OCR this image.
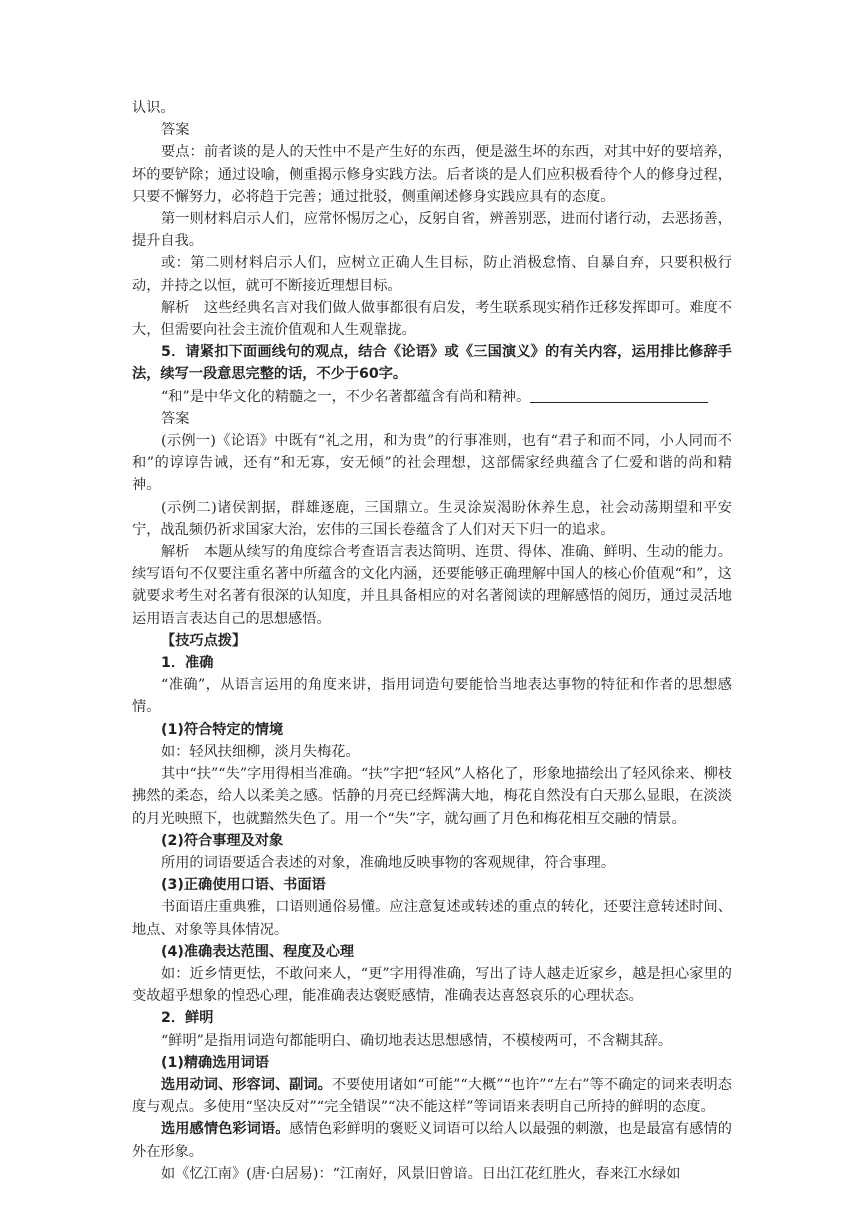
认识。

答案

要点：前者谈的是人的天性中不是产生好的东西，便是滋生坏的东西，对其中好的要培养，坏的要铲除；通过设喻，侧重揭示修身实践方法。后者谈的是人们应积极看待个人的修身过程，只要不懈努力，必将趋于完善；通过批驳，侧重阐述修身实践应具有的态度。

第一则材料启示人们，应常怀惕厉之心，反躬自省，辨善别恶，进而付诸行动，去恶扬善，提升自我。

或：第二则材料启示人们，应树立正确人生目标，防止消极怠惰、自暴自弃，只要积极行动，并持之以恒，就可不断接近理想目标。

解析　这些经典名言对我们做人做事都很有启发，考生联系现实稍作迁移发挥即可。难度不大，但需要向社会主流价值观和人生观靠拢。

5．请紧扣下面画线句的观点，结合《论语》或《三国演义》的有关内容，运用排比修辞手法，续写一段意思完整的话，不少于60字。

“和”是中华文化的精髓之一，不少名著都蕴含有尚和精神。

答案

(示例一)《论语》中既有“礼之用，和为贵”的行事准则，也有“君子和而不同，小人同而不和”的谆谆告诫，还有“和无寡，安无倾”的社会理想，这部儒家经典蕴含了仁爱和谐的尚和精神。

(示例二)诸侯割据，群雄逐鹿，三国鼎立。生灵涂炭渴盼休养生息，社会动荡期望和平安宁，战乱频仍祈求国家大治，宏伟的三国长卷蕴含了人们对天下归一的追求。

解析　本题从续写的角度综合考查语言表达简明、连贯、得体、准确、鲜明、生动的能力。续写语句不仅要注重名著中所蕴含的文化内涵，还要能够正确理解中国人的核心价值观“和”，这就要求考生对名著有很深的认知度，并且具备相应的对名著阅读的理解感悟的阅历，通过灵活地运用语言表达自己的思想感悟。

【技巧点拨】

1．准确

“准确”，从语言运用的角度来讲，指用词造句要能恰当地表达事物的特征和作者的思想感情。

(1)符合特定的情境

如：轻风扶细柳，淡月失梅花。

其中“扶”“失”字用得相当准确。“扶”字把“轻风”人格化了，形象地描绘出了轻风徐来、柳枝拂然的柔态，给人以柔美之感。恬静的月亮已经辉满大地，梅花自然没有白天那么显眼，在淡淡的月光映照下，也就黯然失色了。用一个“失”字，就勾画了月色和梅花相互交融的情景。

(2)符合事理及对象

所用的词语要适合表述的对象，准确地反映事物的客观规律，符合事理。

(3)正确使用口语、书面语

书面语庄重典雅，口语则通俗易懂。应注意复述或转述的重点的转化，还要注意转述时间、地点、对象等具体情况。

(4)准确表达范围、程度及心理

如：近乡情更怯，不敢问来人，“更”字用得准确，写出了诗人越走近家乡，越是担心家里的变故超乎想象的惶恐心理，能准确表达褒贬感情，准确表达喜怒哀乐的心理状态。

2．鲜明

“鲜明”是指用词造句都能明白、确切地表达思想感情，不模棱两可，不含糊其辞。

(1)精确选用词语

选用动词、形容词、副词。不要使用诸如“可能”“大概”“也许”“左右”等不确定的词来表明态度与观点。多使用“坚决反对”“完全错误”“决不能这样”等词语来表明自己所持的鲜明的态度。

选用感情色彩词语。感情色彩鲜明的褒贬义词语可以给人以最强的刺激，也是最富有感情的外在形象。

如《忆江南》(唐·白居易)：“江南好，风景旧曾谙。日出江花红胜火，春来江水绿如
